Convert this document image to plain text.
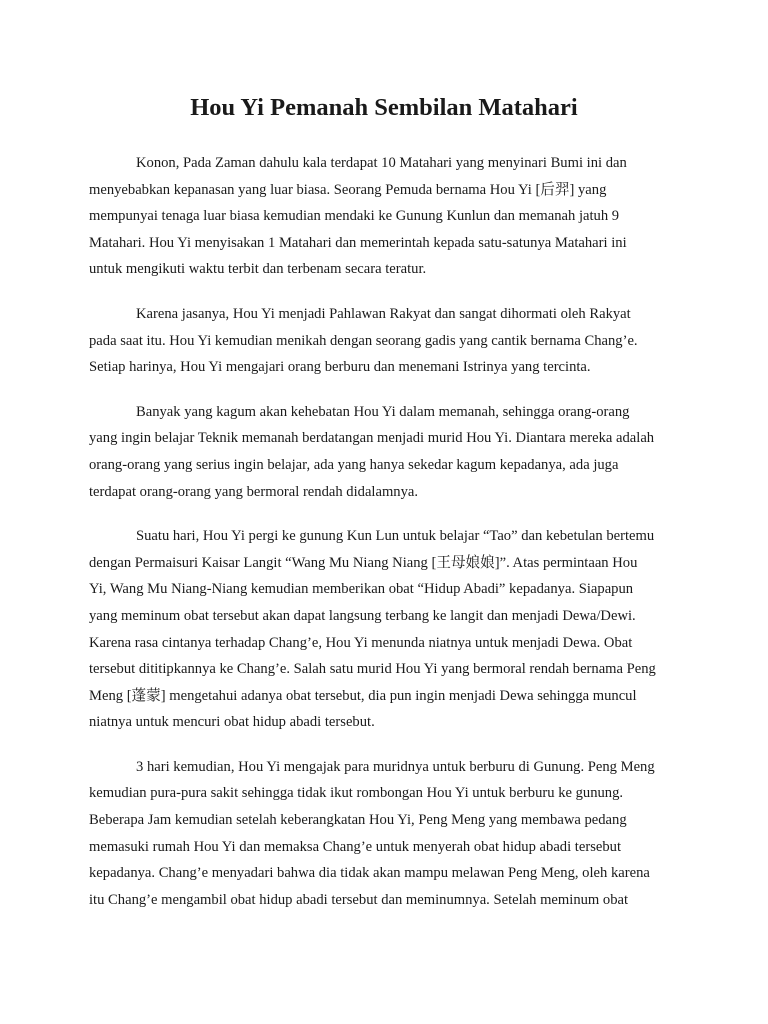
Hou Yi Pemanah Sembilan Matahari

Konon, Pada Zaman dahulu kala terdapat 10 Matahari yang menyinari Bumi ini dan
menyebabkan kepanasan yang luar biasa. Seorang Pemuda bernama Hou Yi [后羿] yang
mempunyai tenaga luar biasa kemudian mendaki ke Gunung Kunlun dan memanah jatuh 9
Matahari. Hou Yi menyisakan 1 Matahari dan memerintah kepada satu-satunya Matahari ini
untuk mengikuti waktu terbit dan terbenam secara teratur.

Karena jasanya, Hou Yi menjadi Pahlawan Rakyat dan sangat dihormati oleh Rakyat
pada saat itu. Hou Yi kemudian menikah dengan seorang gadis yang cantik bernama Chang’e.
Setiap harinya, Hou Yi mengajari orang berburu dan menemani Istrinya yang tercinta.

Banyak yang kagum akan kehebatan Hou Yi dalam memanah, sehingga orang-orang
yang ingin belajar Teknik memanah berdatangan menjadi murid Hou Yi. Diantara mereka adalah
orang-orang yang serius ingin belajar, ada yang hanya sekedar kagum kepadanya, ada juga
terdapat orang-orang yang bermoral rendah didalamnya.

Suatu hari, Hou Yi pergi ke gunung Kun Lun untuk belajar “Tao” dan kebetulan bertemu
dengan Permaisuri Kaisar Langit “Wang Mu Niang Niang [王母娘娘]”. Atas permintaan Hou
Yi, Wang Mu Niang-Niang kemudian memberikan obat “Hidup Abadi” kepadanya. Siapapun
yang meminum obat tersebut akan dapat langsung terbang ke langit dan menjadi Dewa/Dewi.
Karena rasa cintanya terhadap Chang’e, Hou Yi menunda niatnya untuk menjadi Dewa. Obat
tersebut dititipkannya ke Chang’e. Salah satu murid Hou Yi yang bermoral rendah bernama Peng
Meng [蓬蒙] mengetahui adanya obat tersebut, dia pun ingin menjadi Dewa sehingga muncul
niatnya untuk mencuri obat hidup abadi tersebut.

3 hari kemudian, Hou Yi mengajak para muridnya untuk berburu di Gunung. Peng Meng
kemudian pura-pura sakit sehingga tidak ikut rombongan Hou Yi untuk berburu ke gunung.
Beberapa Jam kemudian setelah keberangkatan Hou Yi, Peng Meng yang membawa pedang
memasuki rumah Hou Yi dan memaksa Chang’e untuk menyerah obat hidup abadi tersebut
kepadanya. Chang’e menyadari bahwa dia tidak akan mampu melawan Peng Meng, oleh karena
itu Chang’e mengambil obat hidup abadi tersebut dan meminumnya. Setelah meminum obat
